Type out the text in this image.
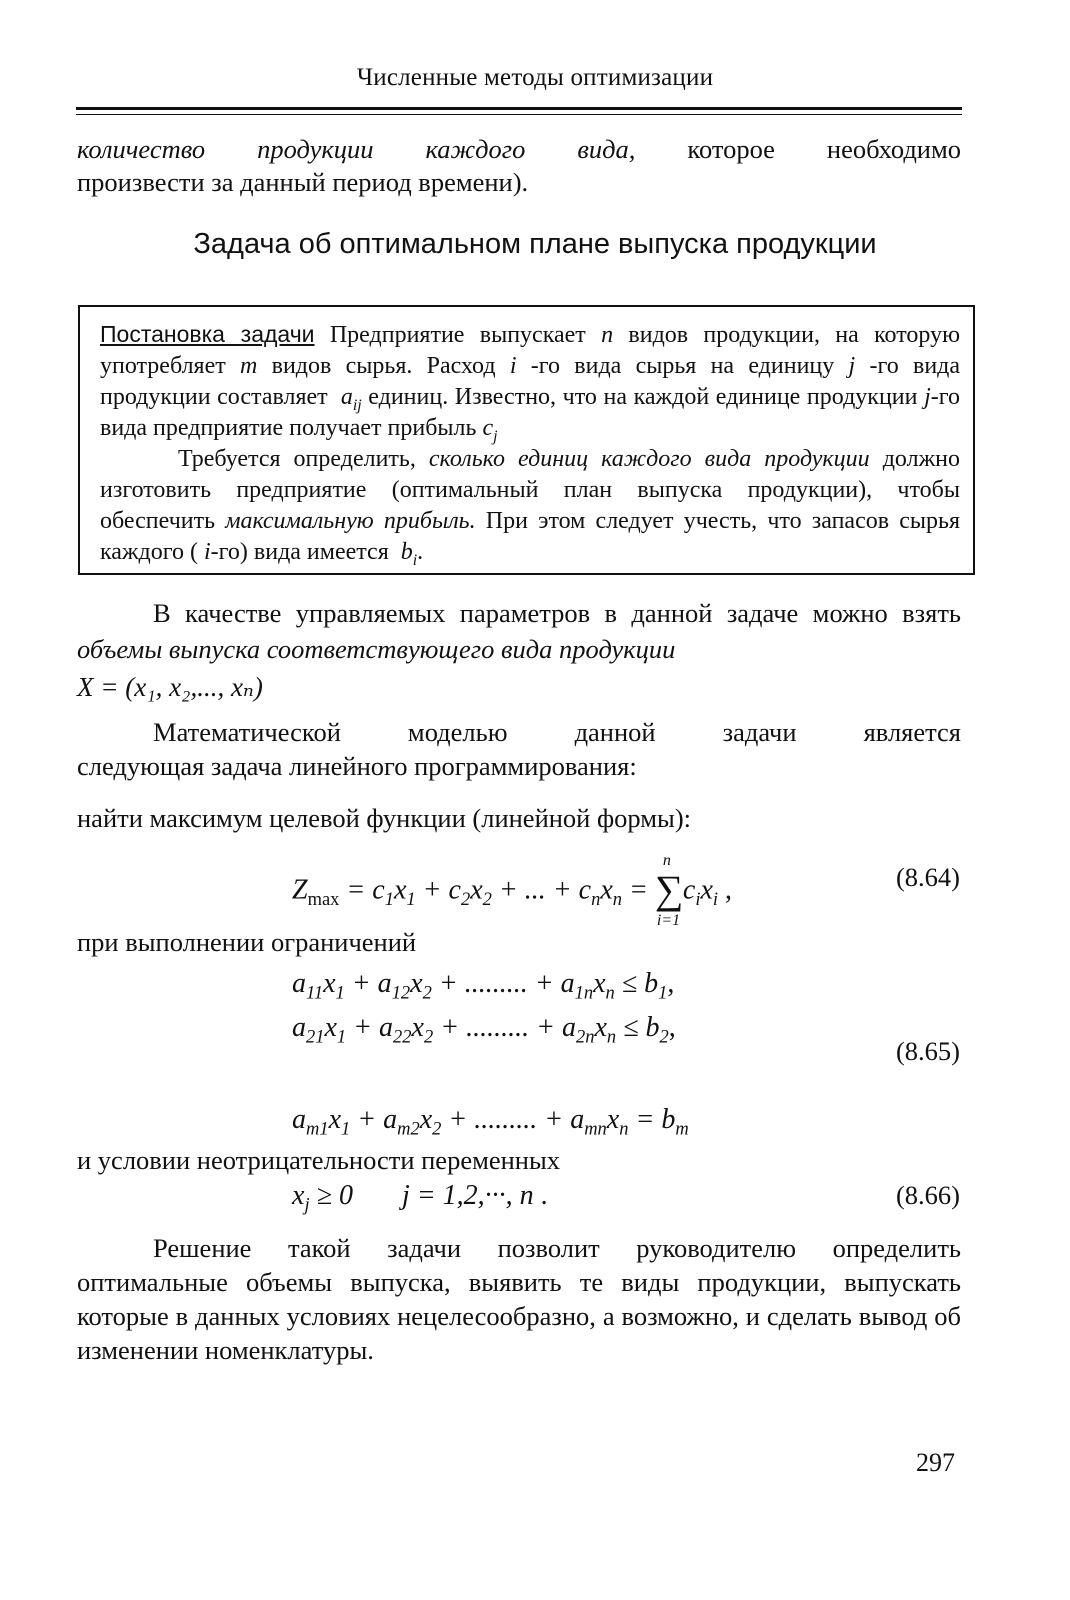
Численные методы оптимизации

количество продукции каждого вида, которое необходимо

произвести за данный период времени).

Задача об оптимальном плане выпуска продукции

Постановка задачи Предприятие выпускает n видов продукции, на которую употребляет m видов сырья. Расход i -го вида сырья на единицу j -го вида продукции составляет $a_{ij}$ единиц. Известно, что на каждой единице продукции j-го вида предприятие получает прибыль $c_j$

Требуется определить, сколько единиц каждого вида продукции должно изготовить предприятие (оптимальный план выпуска продукции), чтобы обеспечить максимальную прибыль. При этом следует учесть, что запасов сырья каждого ( i-го) вида имеется $b_i$.

В качестве управляемых параметров в данной задаче можно взять объемы выпуска соответствующего вида продукции

X = (x₁, x₂,..., xₙ)

Математической моделью данной задачи является

следующая задача линейного программирования:

найти максимум целевой функции (линейной формы):

$Z_{max} = c_1x_1 + c_2x_2$ + ... + $c_nx_n$ =
n
∑
i=1
$c_ix_i$ ,	(8.64)

при выполнении ограничений

$a_{11}x_1 + a_{12}x_2$ + ......... + $a_{1n}x_n \le b_1$,
$a_{21}x_1 + a_{22}x_2$ + ......... + $a_{2n}x_n \le b_2$,
(8.65)
$a_{m1}x_1 + a_{m2}x_2$ + ......... + $a_{mn}x_n = b_m$

и условии неотрицательности переменных

$x_j \ge 0$       j = 1,2,···, n .	(8.66)

Решение такой задачи позволит руководителю определить оптимальные объемы выпуска, выявить те виды продукции, выпускать которые в данных условиях нецелесообразно, а возможно, и сделать вывод об изменении номенклатуры.

297
